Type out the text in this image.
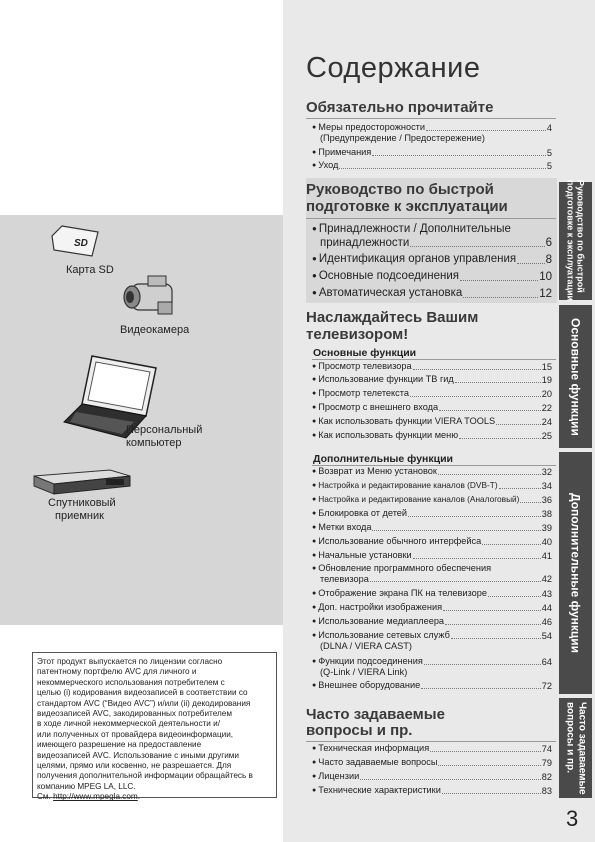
SD
Карта SD
Видеокамера
Персональный
компьютер
Спутниковый
приемник
Этот продукт выпускается по лицензии согласно
патентному портфелю AVC для личного и
некоммерческого использования потребителем с
целью (i) кодирования видеозаписей в соответствии со
стандартом AVC (“Видео AVC”) и/или (ii) декодирования
видеозаписей AVC, закодированных потребителем
в ходе личной некоммерческой деятельности и/
или полученных от провайдера видеоинформации,
имеющего разрешение на предоставление
видеозаписей AVC. Использование с иными другими
целями, прямо или косвенно, не разрешается. Для
получения дополнительной информации обращайтесь в
компанию MPEG LA, LLC.
См. http://www.mpegla.com.
Содержание
Обязательно прочитайте
● Меры предосторожности	4
(Предупреждение / Предостережение)
● Примечания	5
● Уход	5
Руководство по быстрой
подготовке к эксплуатации
● Принадлежности / Дополнительные
принадлежности	6
● Идентификация органов управления	8
● Основные подсоединения	10
● Автоматическая установка	12
Наслаждайтесь Вашим
телевизором!
Основные функции
● Просмотр телевизора	15
● Использование функции ТВ гид	19
● Просмотр телетекста	20
● Просмотр с внешнего входа	22
● Как использовать функции VIERA TOOLS	24
● Как использовать функции меню	25
Дополнительные функции
● Возврат из Меню установок	32
● Настройка и редактирование каналов (DVB-T)	34
● Настройка и редактирование каналов (Аналоговый) 36
● Блокировка от детей	38
● Метки входа	39
● Использование обычного интерфейса	40
● Начальные установки	41
● Обновление программного обеспечения
телевизора	42
● Отображение экрана ПК на телевизоре	43
● Доп. настройки изображения	44
● Использование медиаплеера	46
● Использование сетевых служб	54
(DLNA / VIERA CAST)
● Функции подсоединения	64
(Q-Link / VIERA Link)
● Внешнее оборудование	72
Часто задаваемые
вопросы и пр.
● Техническая информация	74
● Часто задаваемые вопросы	79
● Лицензии	82
● Технические характеристики	83
Руководство по быстрой
подготовке к эксплуатации
Основные функции
Дополнительные функции
Часто задаваемые
вопросы и пр.
3
